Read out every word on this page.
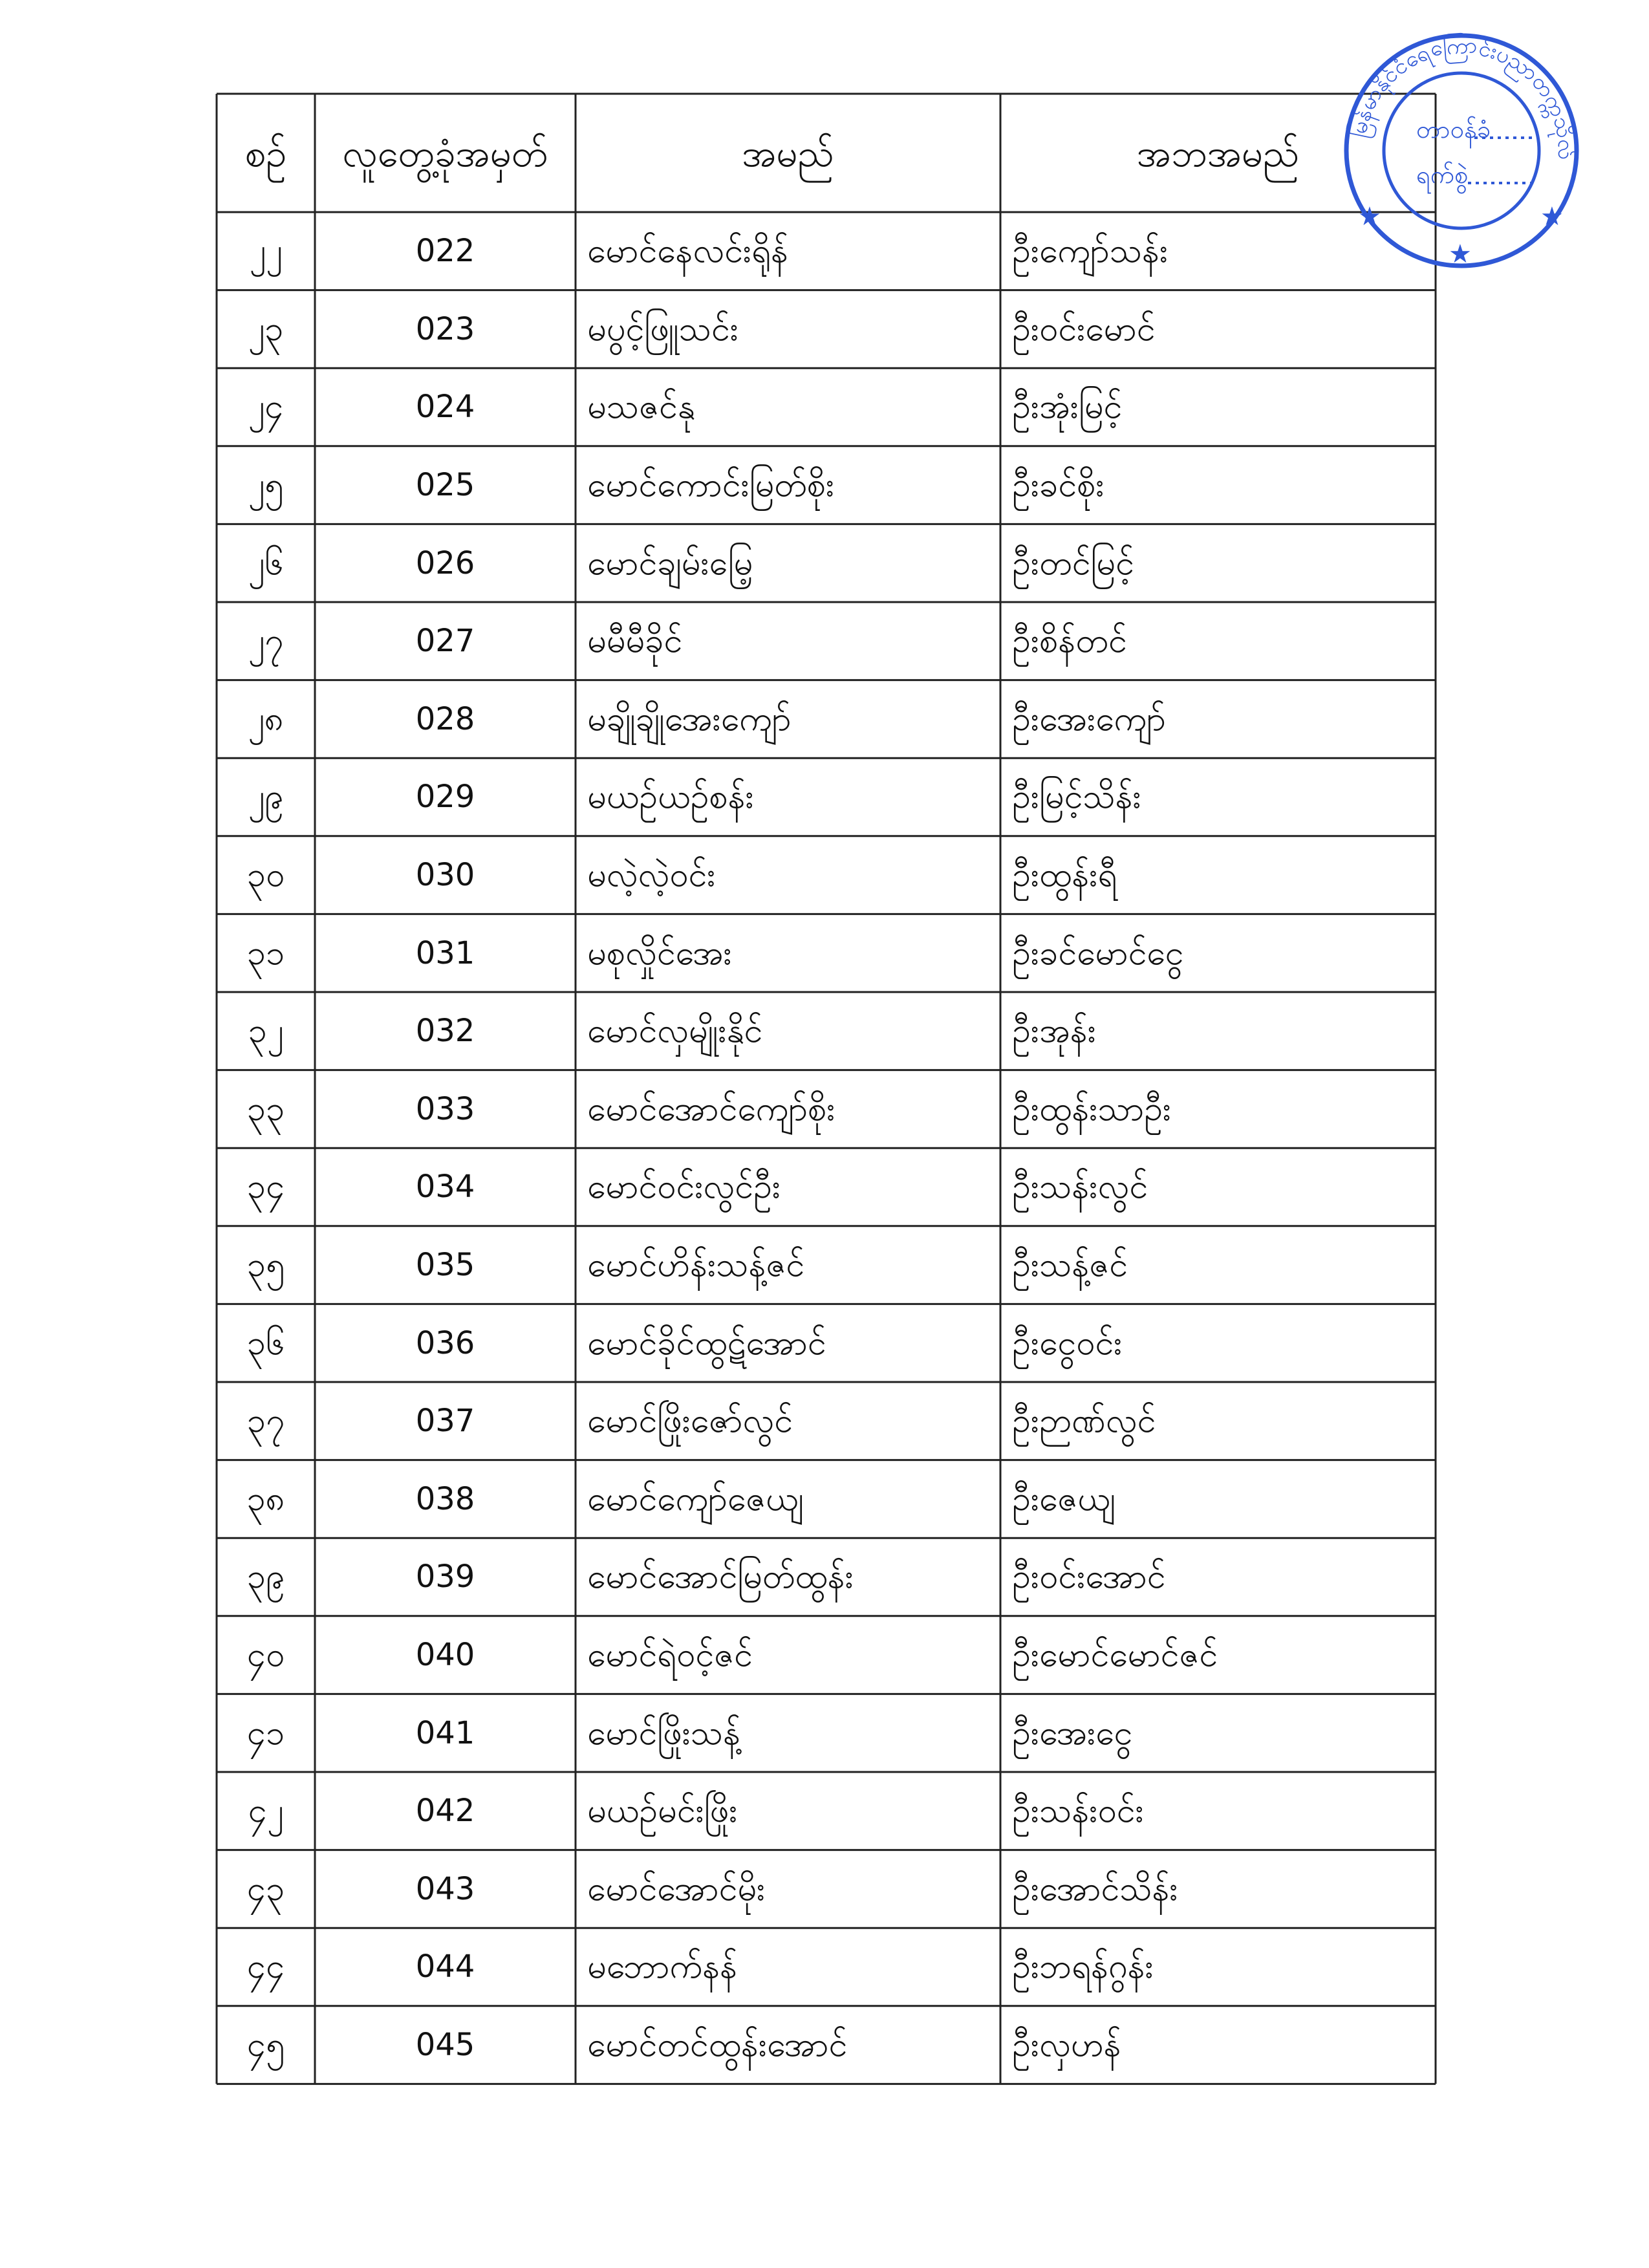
စဉ်	လူတွေ့ခုံအမှတ်	အမည်	အဘအမည်
၂၂	022	မောင်နေလင်းရိုန်	ဦးကျော်သန်း
၂၃	023	မပွင့်ဖြူသင်း	ဦးဝင်းမောင်
၂၄	024	မသဇင်နု	ဦးအုံးမြင့်
၂၅	025	မောင်ကောင်းမြတ်စိုး	ဦးခင်စိုး
၂၆	026	မောင်ချမ်းမြေ့	ဦးတင်မြင့်
၂၇	027	မမီမီခိုင်	ဦးစိန်တင်
၂၈	028	မချိုချိုအေးကျော်	ဦးအေးကျော်
၂၉	029	မယဉ်ယဉ်စန်း	ဦးမြင့်သိန်း
၃၀	030	မလဲ့လဲ့ဝင်း	ဦးထွန်းရီ
၃၁	031	မစုလှိုင်အေး	ဦးခင်မောင်ငွေ
၃၂	032	မောင်လှမျိုးနိုင်	ဦးအုန်း
၃၃	033	မောင်အောင်ကျော်စိုး	ဦးထွန်းသာဦး
၃၄	034	မောင်ဝင်းလွင်ဦး	ဦးသန်းလွင်
၃၅	035	မောင်ဟိန်းသန့်ဇင်	ဦးသန့်ဇင်
၃၆	036	မောင်ခိုင်ထွဋ်အောင်	ဦးငွေဝင်း
၃၇	037	မောင်ဖြိုးဇော်လွင်	ဦးဉာဏ်လွင်
၃၈	038	မောင်ကျော်ဇေယျ	ဦးဇေယျ
၃၉	039	မောင်အောင်မြတ်ထွန်း	ဦးဝင်းအောင်
၄၀	040	မောင်ရဲဝင့်ဇင်	ဦးမောင်မောင်ဇင်
၄၁	041	မောင်ဖြိုးသန့်	ဦးအေးငွေ
၄၂	042	မယဉ်မင်းဖြိုး	ဦးသန်းဝင်း
၄၃	043	မောင်အောင်မိုး	ဦးအောင်သိန်း
၄၄	044	မဘောက်နန်	ဦးဘရန်ဂွန်း
၄၅	045	မောင်တင်ထွန်းအောင်	ဦးလှဟန်
မြန်မာနိုင်ငံရေကြောင်းပညာတက္ကသိုလ်
တာဝန်ခံ
ရက်စွဲ
★	★
★
